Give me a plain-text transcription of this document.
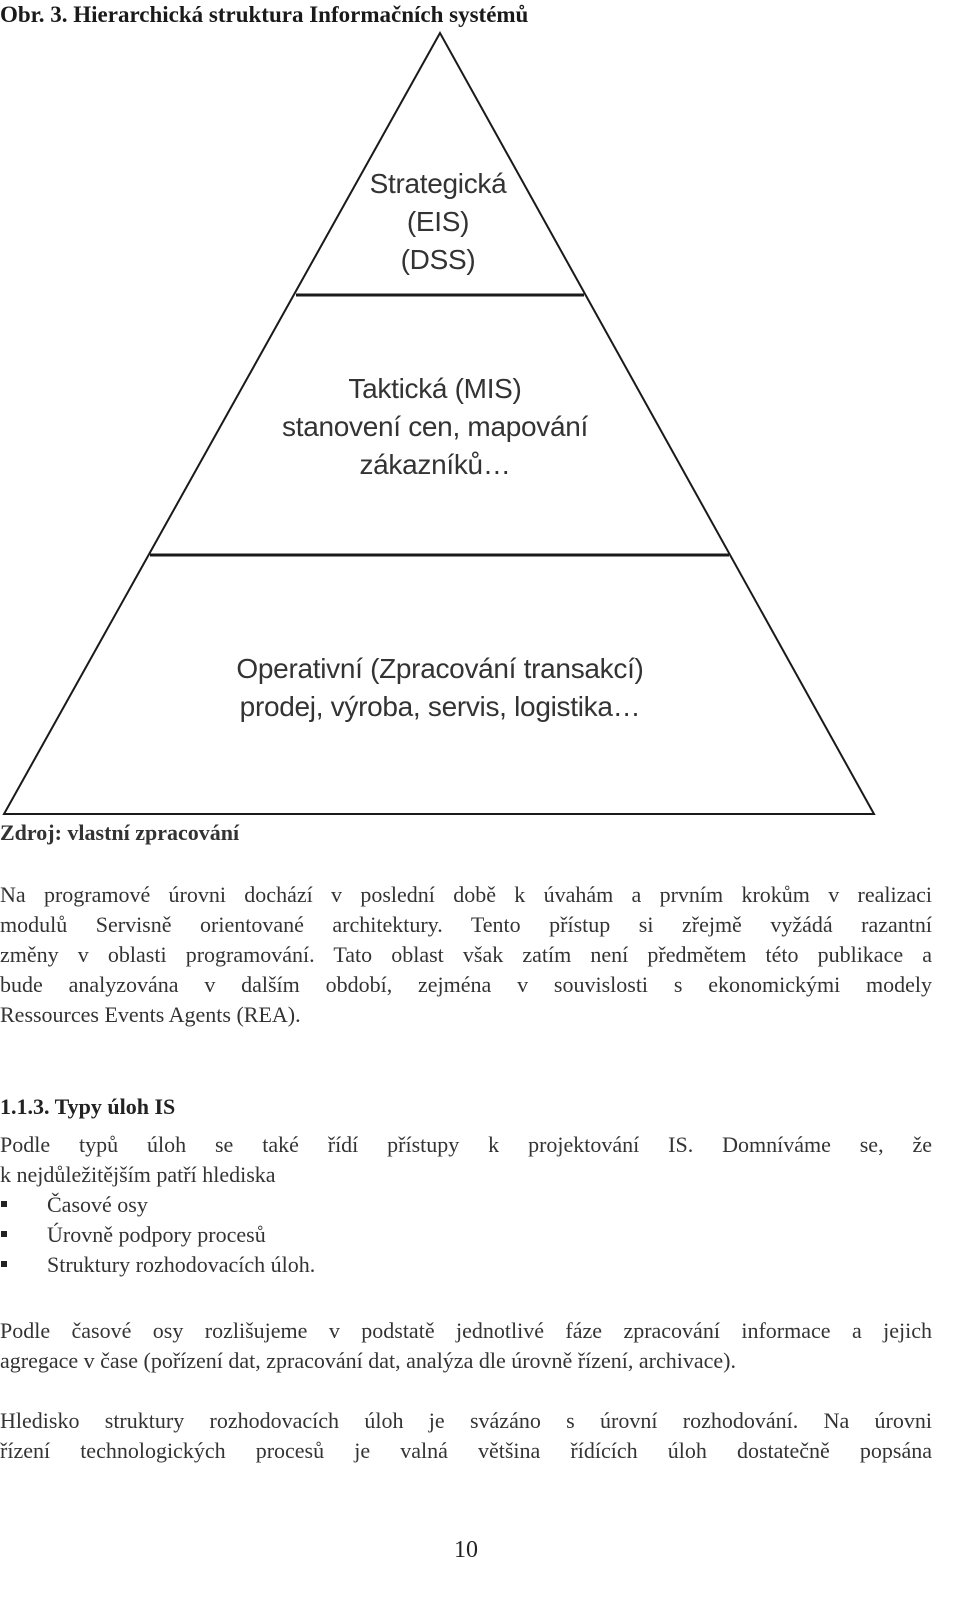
Obr. 3. Hierarchická struktura Informačních systémů
Strategická
(EIS)
(DSS)
Taktická (MIS)
stanovení cen, mapování
zákazníků…
Operativní (Zpracování transakcí)
prodej, výroba, servis, logistika…
Zdroj: vlastní zpracování
Na programové úrovni dochází v poslední době k úvahám a prvním krokům v realizaci
modulů Servisně orientované architektury. Tento přístup si zřejmě vyžádá razantní
změny v oblasti programování. Tato oblast však zatím není předmětem této publikace a
bude analyzována v dalším období, zejména v souvislosti s ekonomickými modely
Ressources Events Agents (REA).
1.1.3. Typy úloh IS
Podle typů úloh se také řídí přístupy k projektování IS. Domníváme se, že
k nejdůležitějším patří hlediska
Časové osy
Úrovně podpory procesů
Struktury rozhodovacích úloh.
Podle časové osy rozlišujeme v podstatě jednotlivé fáze zpracování informace a jejich
agregace v čase (pořízení dat, zpracování dat, analýza dle úrovně řízení, archivace).
Hledisko struktury rozhodovacích úloh je svázáno s úrovní rozhodování. Na úrovni
řízení technologických procesů je valná většina řídících úloh dostatečně popsána
10
